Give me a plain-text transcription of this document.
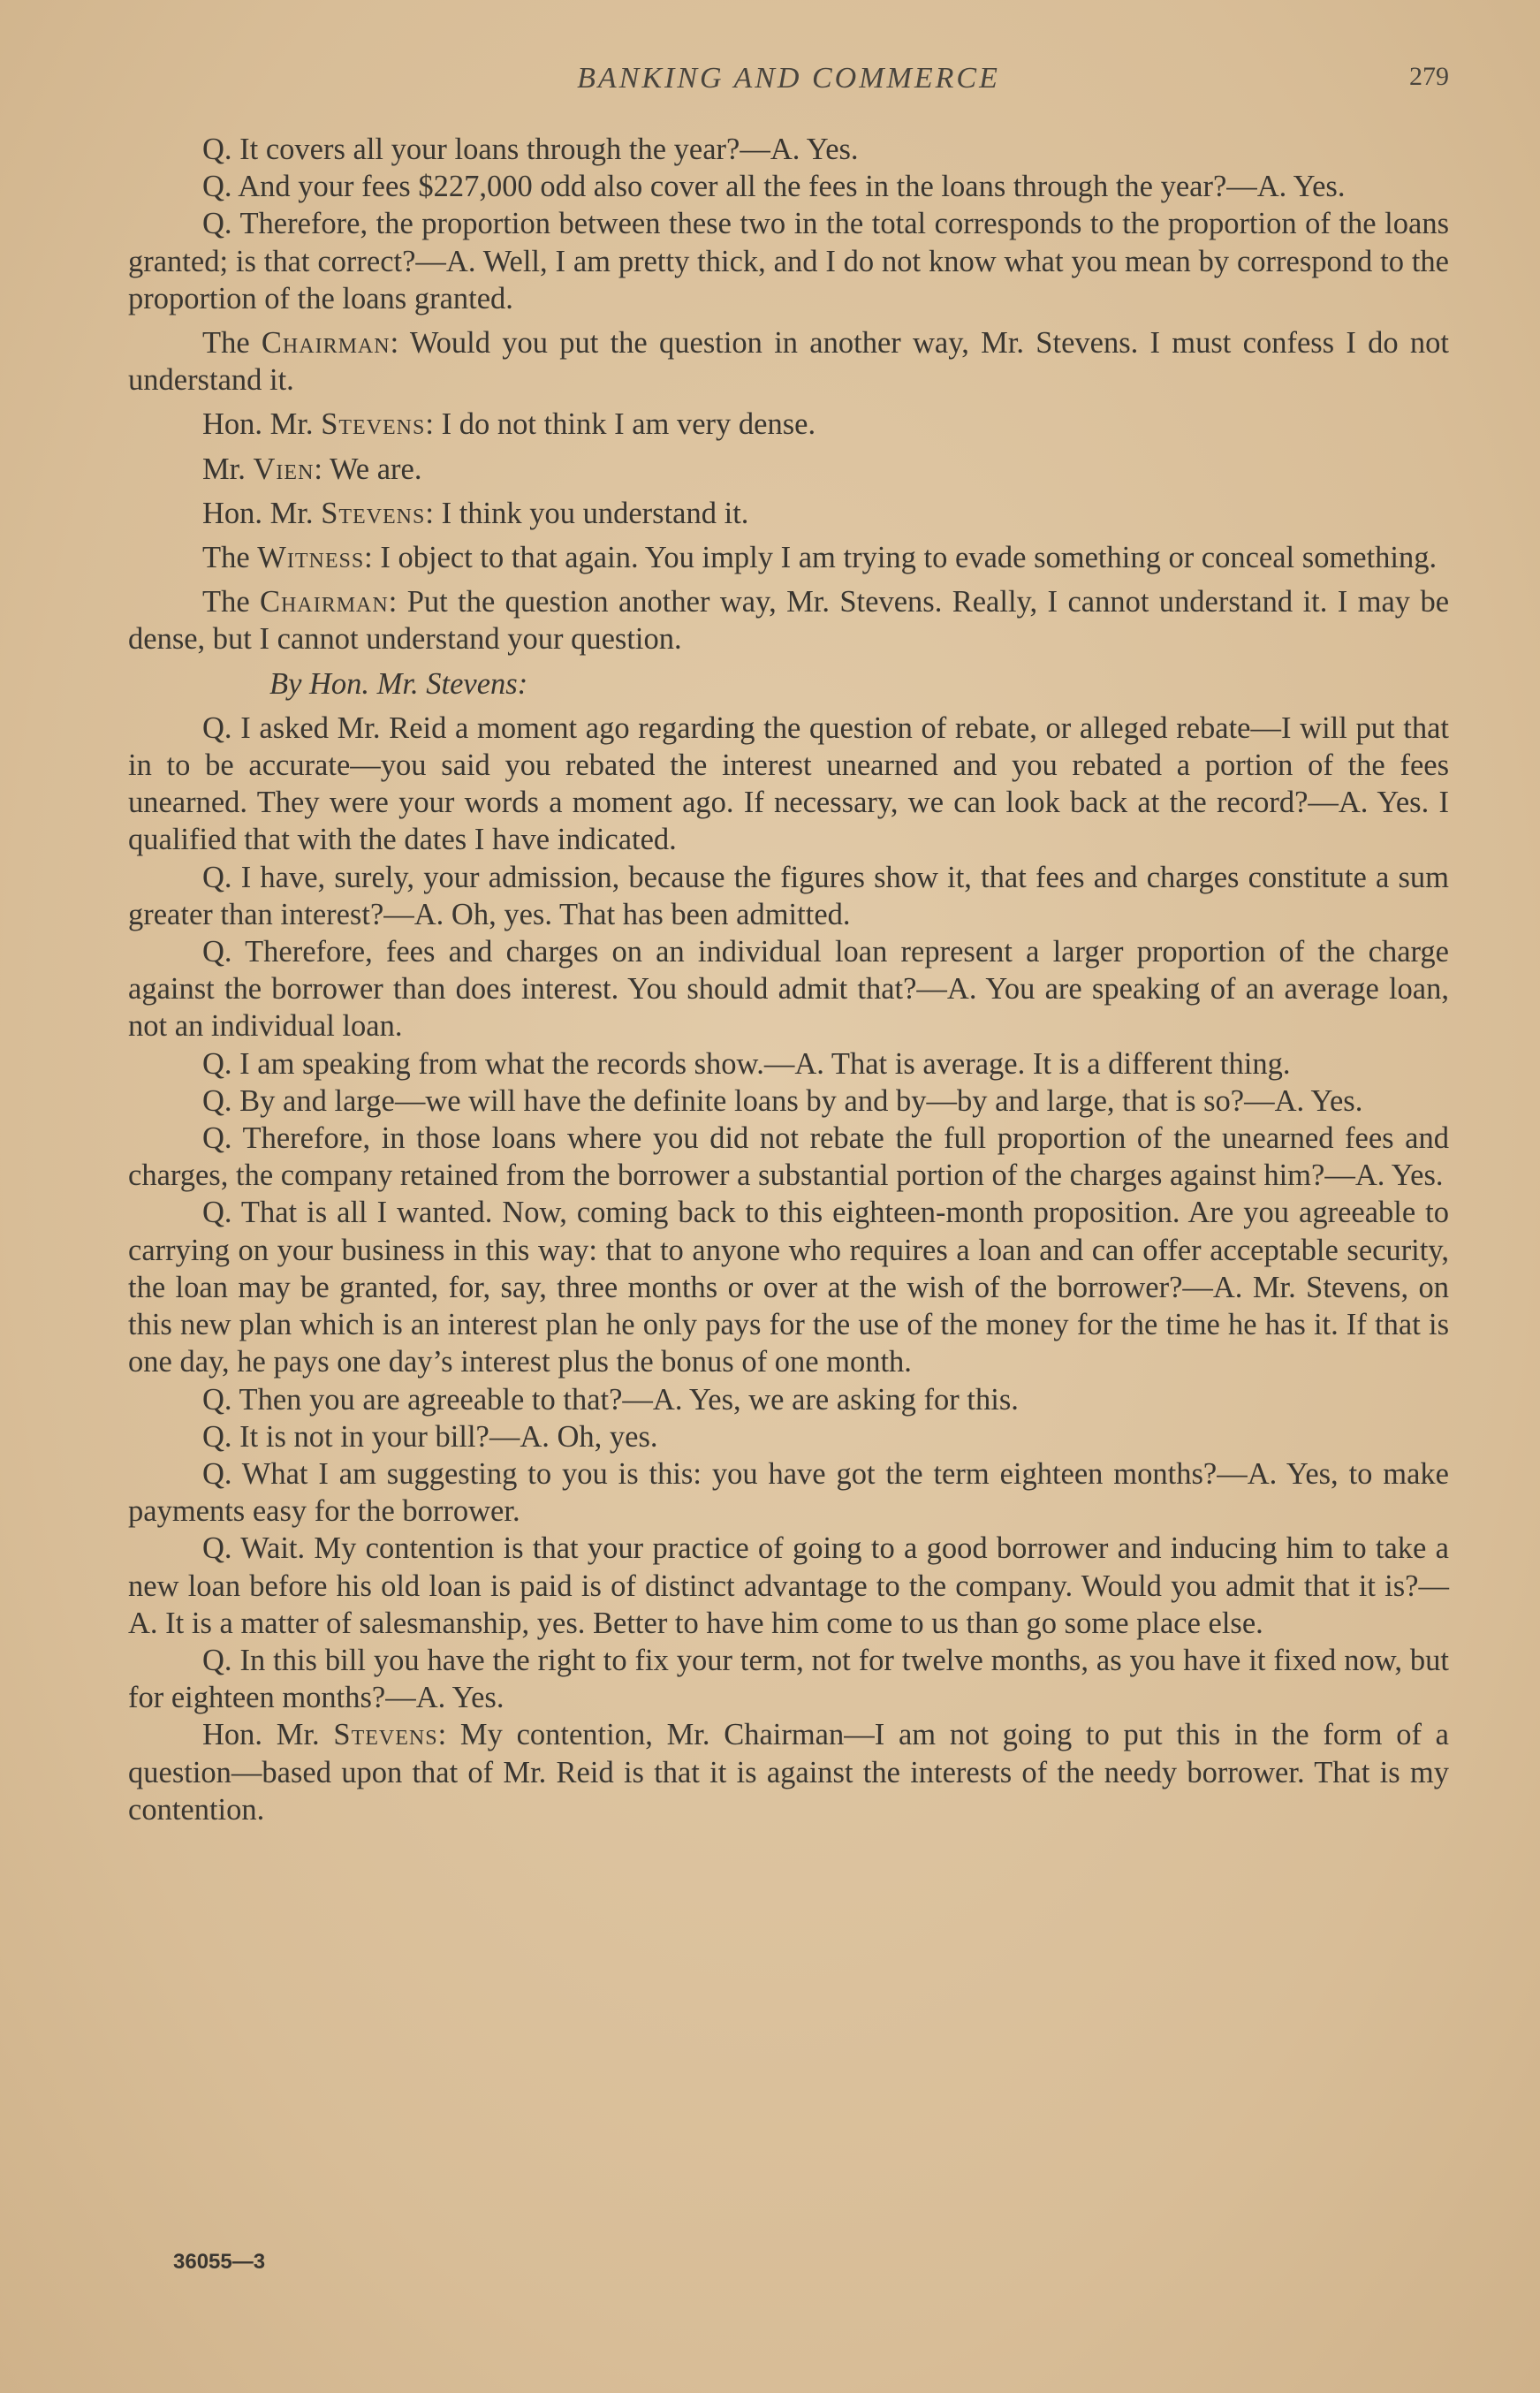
BANKING AND COMMERCE	279

Q. It covers all your loans through the year?—A. Yes.

Q. And your fees $227,000 odd also cover all the fees in the loans through the year?—A. Yes.

Q. Therefore, the proportion between these two in the total corresponds to the proportion of the loans granted; is that correct?—A. Well, I am pretty thick, and I do not know what you mean by correspond to the proportion of the loans granted.

The Chairman: Would you put the question in another way, Mr. Stevens. I must confess I do not understand it.

Hon. Mr. Stevens: I do not think I am very dense.

Mr. Vien: We are.

Hon. Mr. Stevens: I think you understand it.

The Witness: I object to that again. You imply I am trying to evade something or conceal something.

The Chairman: Put the question another way, Mr. Stevens. Really, I cannot understand it. I may be dense, but I cannot understand your question.

By Hon. Mr. Stevens:

Q. I asked Mr. Reid a moment ago regarding the question of rebate, or alleged rebate—I will put that in to be accurate—you said you rebated the interest unearned and you rebated a portion of the fees unearned. They were your words a moment ago. If necessary, we can look back at the record?—A. Yes. I qualified that with the dates I have indicated.

Q. I have, surely, your admission, because the figures show it, that fees and charges constitute a sum greater than interest?—A. Oh, yes. That has been admitted.

Q. Therefore, fees and charges on an individual loan represent a larger proportion of the charge against the borrower than does interest. You should admit that?—A. You are speaking of an average loan, not an individual loan.

Q. I am speaking from what the records show.—A. That is average. It is a different thing.

Q. By and large—we will have the definite loans by and by—by and large, that is so?—A. Yes.

Q. Therefore, in those loans where you did not rebate the full proportion of the unearned fees and charges, the company retained from the borrower a substantial portion of the charges against him?—A. Yes.

Q. That is all I wanted. Now, coming back to this eighteen-month proposition. Are you agreeable to carrying on your business in this way: that to anyone who requires a loan and can offer acceptable security, the loan may be granted, for, say, three months or over at the wish of the borrower?—A. Mr. Stevens, on this new plan which is an interest plan he only pays for the use of the money for the time he has it. If that is one day, he pays one day’s interest plus the bonus of one month.

Q. Then you are agreeable to that?—A. Yes, we are asking for this.

Q. It is not in your bill?—A. Oh, yes.

Q. What I am suggesting to you is this: you have got the term eighteen months?—A. Yes, to make payments easy for the borrower.

Q. Wait. My contention is that your practice of going to a good borrower and inducing him to take a new loan before his old loan is paid is of distinct advantage to the company. Would you admit that it is?—A. It is a matter of salesmanship, yes. Better to have him come to us than go some place else.

Q. In this bill you have the right to fix your term, not for twelve months, as you have it fixed now, but for eighteen months?—A. Yes.

Hon. Mr. Stevens: My contention, Mr. Chairman—I am not going to put this in the form of a question—based upon that of Mr. Reid is that it is against the interests of the needy borrower. That is my contention.

36055—3
